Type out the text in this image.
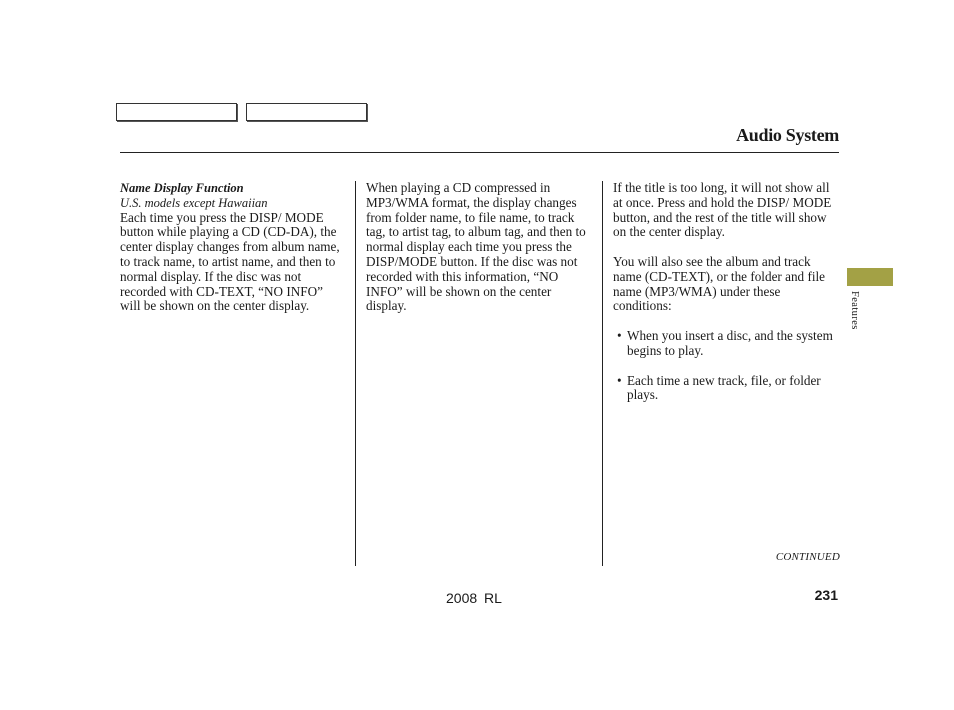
Audio System
Name Display Function
U.S. models except Hawaiian

Each time you press the DISP/ MODE button while playing a CD (CD-DA), the center display changes from album name, to track name, to artist name, and then to normal display. If the disc was not recorded with CD-TEXT, “NO INFO” will be shown on the center display.

When playing a CD compressed in MP3/WMA format, the display changes from folder name, to file name, to track tag, to artist tag, to album tag, and then to normal display each time you press the DISP/MODE button. If the disc was not recorded with this information, “NO INFO” will be shown on the center display.

If the title is too long, it will not show all at once. Press and hold the DISP/ MODE button, and the rest of the title will show on the center display.

You will also see the album and track name (CD-TEXT), or the folder and file name (MP3/WMA) under these conditions:

• When you insert a disc, and the system begins to play.
• Each time a new track, file, or folder plays.
Features
CONTINUED
2008 RL	231
